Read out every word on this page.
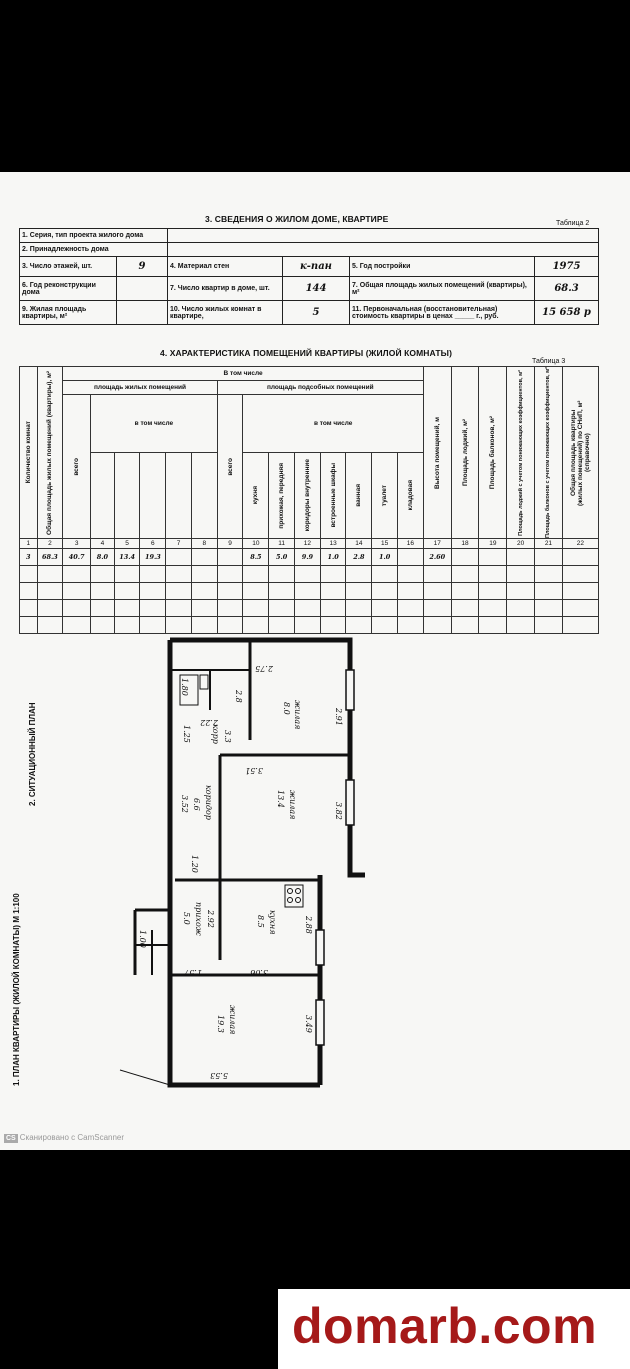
3. СВЕДЕНИЯ О ЖИЛОМ ДОМЕ, КВАРТИРЕ	Таблица 2
1. Серия, тип проекта жилого дома					
2. Принадлежность дома					
3. Число этажей, шт.	9	4. Материал стен	к-пан	5. Год постройки	1975
6. Год реконструкции дома		7. Число квартир в доме, шт.	144	7. Общая площадь жилых помещений (квартиры), м²	68.3
9. Жилая площадь квартиры, м²		10. Число жилых комнат в квартире,	5	11. Первоначальная (восстановительная) стоимость квартиры в ценах _____ г., руб.	15 658 р
4. ХАРАКТЕРИСТИКА ПОМЕЩЕНИЙ КВАРТИРЫ (ЖИЛОЙ КОМНАТЫ)
Таблица 3
Количество комнат	Общая площадь жилых помещений (квартиры), м²	В том числе														Высота помещений, м	Площадь лоджий, м²	Площадь балконов, м²	Площадь лоджий с учетом понижающих коэффициентов, м²	Площадь балконов с учетом понижающих коэффициентов, м²	Общая площадь квартиры (жилых помещений) по СНиП, м² (справочно)

		площадь жилых помещений						площадь подсобных помещений													

		всего	в том числе					всего	в том числе												

									кухня	прихожая, передняя	коридоры внутренние	встроенные шкафы	ванная	туалет	кладовая						

1	2	3	4	5	6	7	8	9	10	11	12	13	14	15	16	17	18	19	20	21	22
3	68.3	40.7	8.0	13.4	19.3				8.5	5.0	9.9	1.0	2.8	1.0		2.60					

2. СИТУАЦИОННЫЙ ПЛАН
1. ПЛАН КВАРТИРЫ (ЖИЛОЙ КОМНАТЫ) М 1:100
жилая
8.0
2.75
2.91
жилая
13.4
3.51
3.82
кухня
8.5	2.88
3.06
корр 3.3
2.22
коридор
6.6
3.52
прихож
5.0 2.92
жилая
19.3
5.53
3.49
1.80
2.8
1.25
1.20
1.57
1.00
CS Сканировано с CamScanner
domarb.com
